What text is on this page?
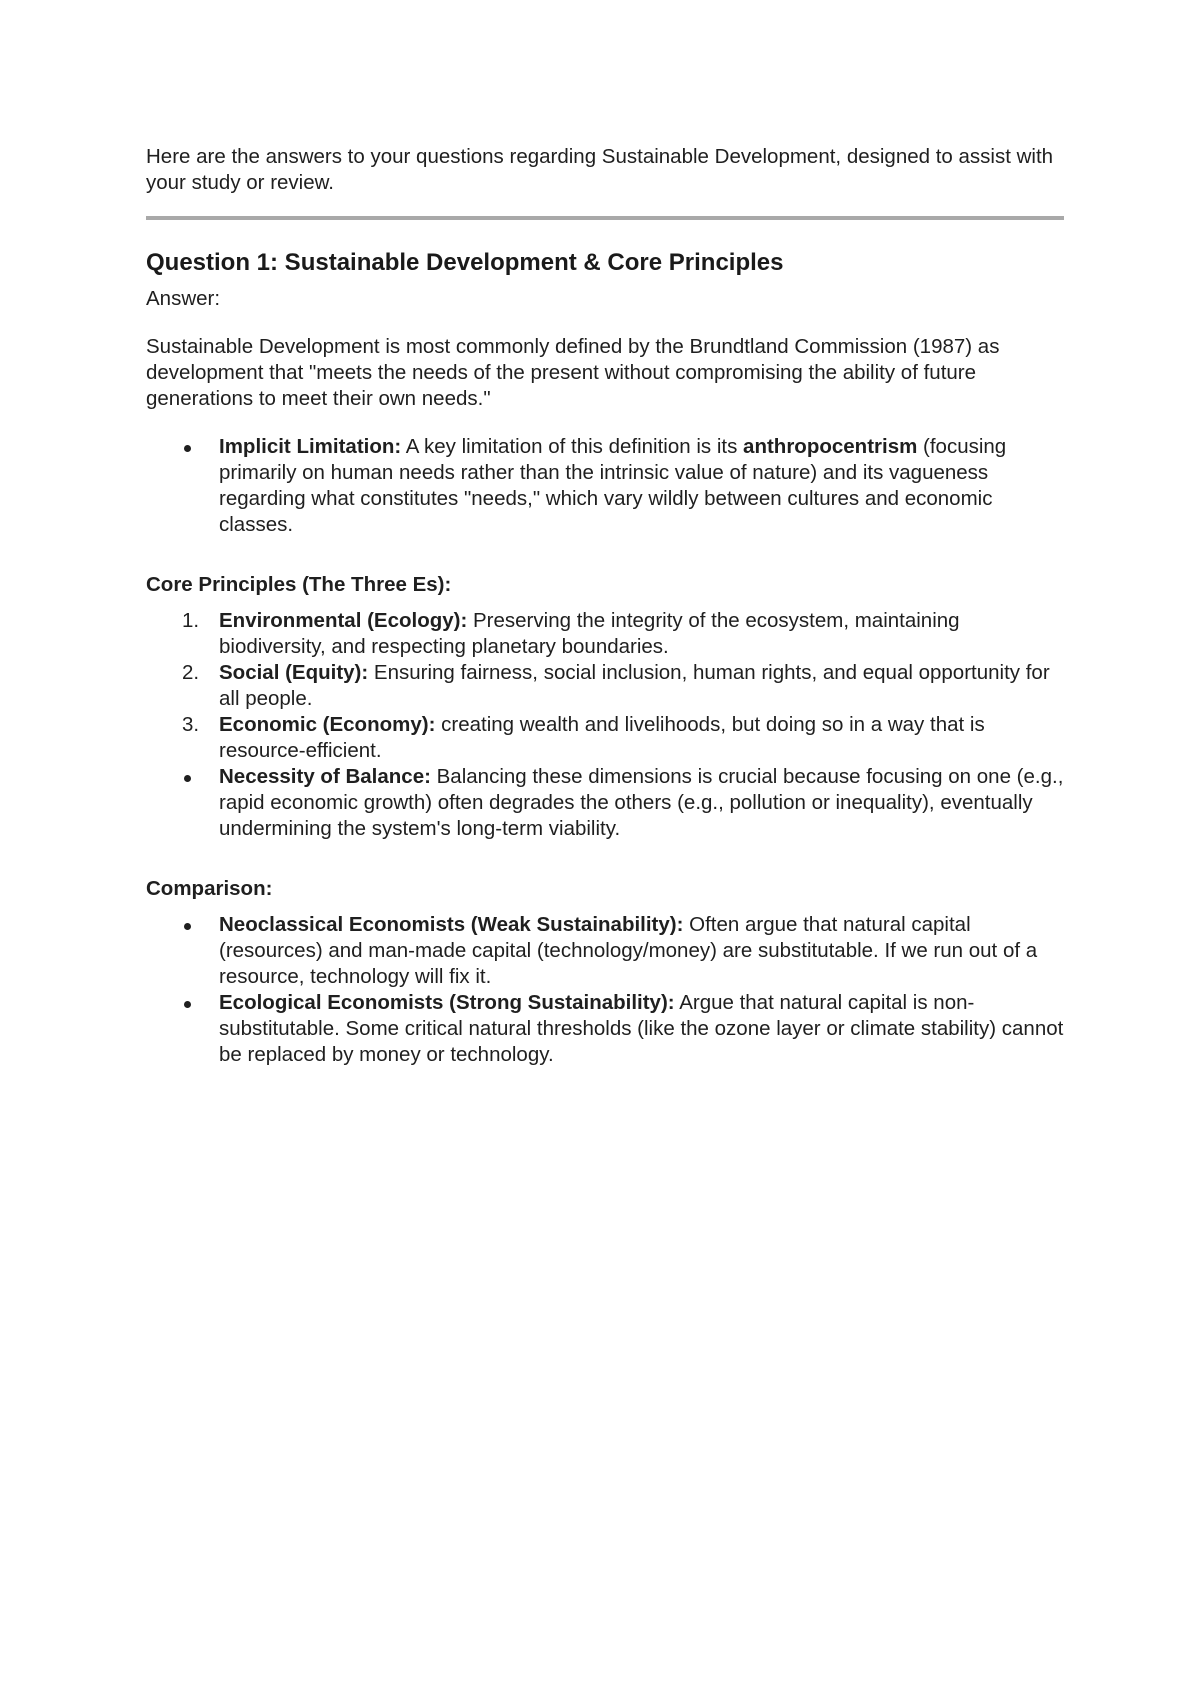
Here are the answers to your questions regarding Sustainable Development, designed to assist with your study or review.

Question 1: Sustainable Development & Core Principles

Answer:

Sustainable Development is most commonly defined by the Brundtland Commission (1987) as development that "meets the needs of the present without compromising the ability of future generations to meet their own needs."

Implicit Limitation: A key limitation of this definition is its anthropocentrism (focusing primarily on human needs rather than the intrinsic value of nature) and its vagueness regarding what constitutes "needs," which vary wildly between cultures and economic classes.

Core Principles (The Three Es):

1. Environmental (Ecology): Preserving the integrity of the ecosystem, maintaining biodiversity, and respecting planetary boundaries.
2. Social (Equity): Ensuring fairness, social inclusion, human rights, and equal opportunity for all people.
3. Economic (Economy): creating wealth and livelihoods, but doing so in a way that is resource-efficient.
Necessity of Balance: Balancing these dimensions is crucial because focusing on one (e.g., rapid economic growth) often degrades the others (e.g., pollution or inequality), eventually undermining the system's long-term viability.

Comparison:

Neoclassical Economists (Weak Sustainability): Often argue that natural capital (resources) and man-made capital (technology/money) are substitutable. If we run out of a resource, technology will fix it.
Ecological Economists (Strong Sustainability): Argue that natural capital is non-substitutable. Some critical natural thresholds (like the ozone layer or climate stability) cannot be replaced by money or technology.
